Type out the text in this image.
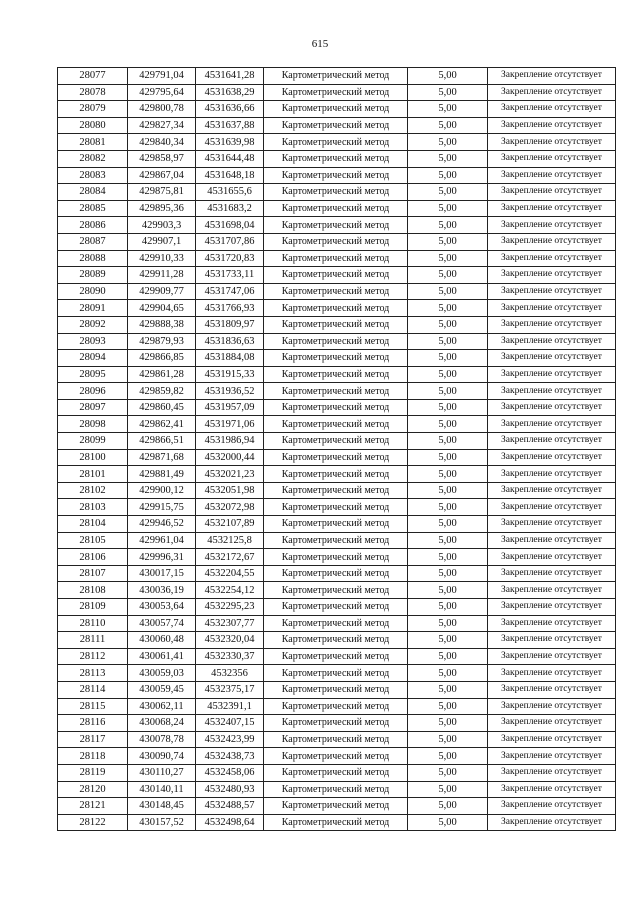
615
28077	429791,04	4531641,28	Картометрический метод	5,00	Закрепление отсутствует
28078	429795,64	4531638,29	Картометрический метод	5,00	Закрепление отсутствует
28079	429800,78	4531636,66	Картометрический метод	5,00	Закрепление отсутствует
28080	429827,34	4531637,88	Картометрический метод	5,00	Закрепление отсутствует
28081	429840,34	4531639,98	Картометрический метод	5,00	Закрепление отсутствует
28082	429858,97	4531644,48	Картометрический метод	5,00	Закрепление отсутствует
28083	429867,04	4531648,18	Картометрический метод	5,00	Закрепление отсутствует
28084	429875,81	4531655,6	Картометрический метод	5,00	Закрепление отсутствует
28085	429895,36	4531683,2	Картометрический метод	5,00	Закрепление отсутствует
28086	429903,3	4531698,04	Картометрический метод	5,00	Закрепление отсутствует
28087	429907,1	4531707,86	Картометрический метод	5,00	Закрепление отсутствует
28088	429910,33	4531720,83	Картометрический метод	5,00	Закрепление отсутствует
28089	429911,28	4531733,11	Картометрический метод	5,00	Закрепление отсутствует
28090	429909,77	4531747,06	Картометрический метод	5,00	Закрепление отсутствует
28091	429904,65	4531766,93	Картометрический метод	5,00	Закрепление отсутствует
28092	429888,38	4531809,97	Картометрический метод	5,00	Закрепление отсутствует
28093	429879,93	4531836,63	Картометрический метод	5,00	Закрепление отсутствует
28094	429866,85	4531884,08	Картометрический метод	5,00	Закрепление отсутствует
28095	429861,28	4531915,33	Картометрический метод	5,00	Закрепление отсутствует
28096	429859,82	4531936,52	Картометрический метод	5,00	Закрепление отсутствует
28097	429860,45	4531957,09	Картометрический метод	5,00	Закрепление отсутствует
28098	429862,41	4531971,06	Картометрический метод	5,00	Закрепление отсутствует
28099	429866,51	4531986,94	Картометрический метод	5,00	Закрепление отсутствует
28100	429871,68	4532000,44	Картометрический метод	5,00	Закрепление отсутствует
28101	429881,49	4532021,23	Картометрический метод	5,00	Закрепление отсутствует
28102	429900,12	4532051,98	Картометрический метод	5,00	Закрепление отсутствует
28103	429915,75	4532072,98	Картометрический метод	5,00	Закрепление отсутствует
28104	429946,52	4532107,89	Картометрический метод	5,00	Закрепление отсутствует
28105	429961,04	4532125,8	Картометрический метод	5,00	Закрепление отсутствует
28106	429996,31	4532172,67	Картометрический метод	5,00	Закрепление отсутствует
28107	430017,15	4532204,55	Картометрический метод	5,00	Закрепление отсутствует
28108	430036,19	4532254,12	Картометрический метод	5,00	Закрепление отсутствует
28109	430053,64	4532295,23	Картометрический метод	5,00	Закрепление отсутствует
28110	430057,74	4532307,77	Картометрический метод	5,00	Закрепление отсутствует
28111	430060,48	4532320,04	Картометрический метод	5,00	Закрепление отсутствует
28112	430061,41	4532330,37	Картометрический метод	5,00	Закрепление отсутствует
28113	430059,03	4532356	Картометрический метод	5,00	Закрепление отсутствует
28114	430059,45	4532375,17	Картометрический метод	5,00	Закрепление отсутствует
28115	430062,11	4532391,1	Картометрический метод	5,00	Закрепление отсутствует
28116	430068,24	4532407,15	Картометрический метод	5,00	Закрепление отсутствует
28117	430078,78	4532423,99	Картометрический метод	5,00	Закрепление отсутствует
28118	430090,74	4532438,73	Картометрический метод	5,00	Закрепление отсутствует
28119	430110,27	4532458,06	Картометрический метод	5,00	Закрепление отсутствует
28120	430140,11	4532480,93	Картометрический метод	5,00	Закрепление отсутствует
28121	430148,45	4532488,57	Картометрический метод	5,00	Закрепление отсутствует
28122	430157,52	4532498,64	Картометрический метод	5,00	Закрепление отсутствует
